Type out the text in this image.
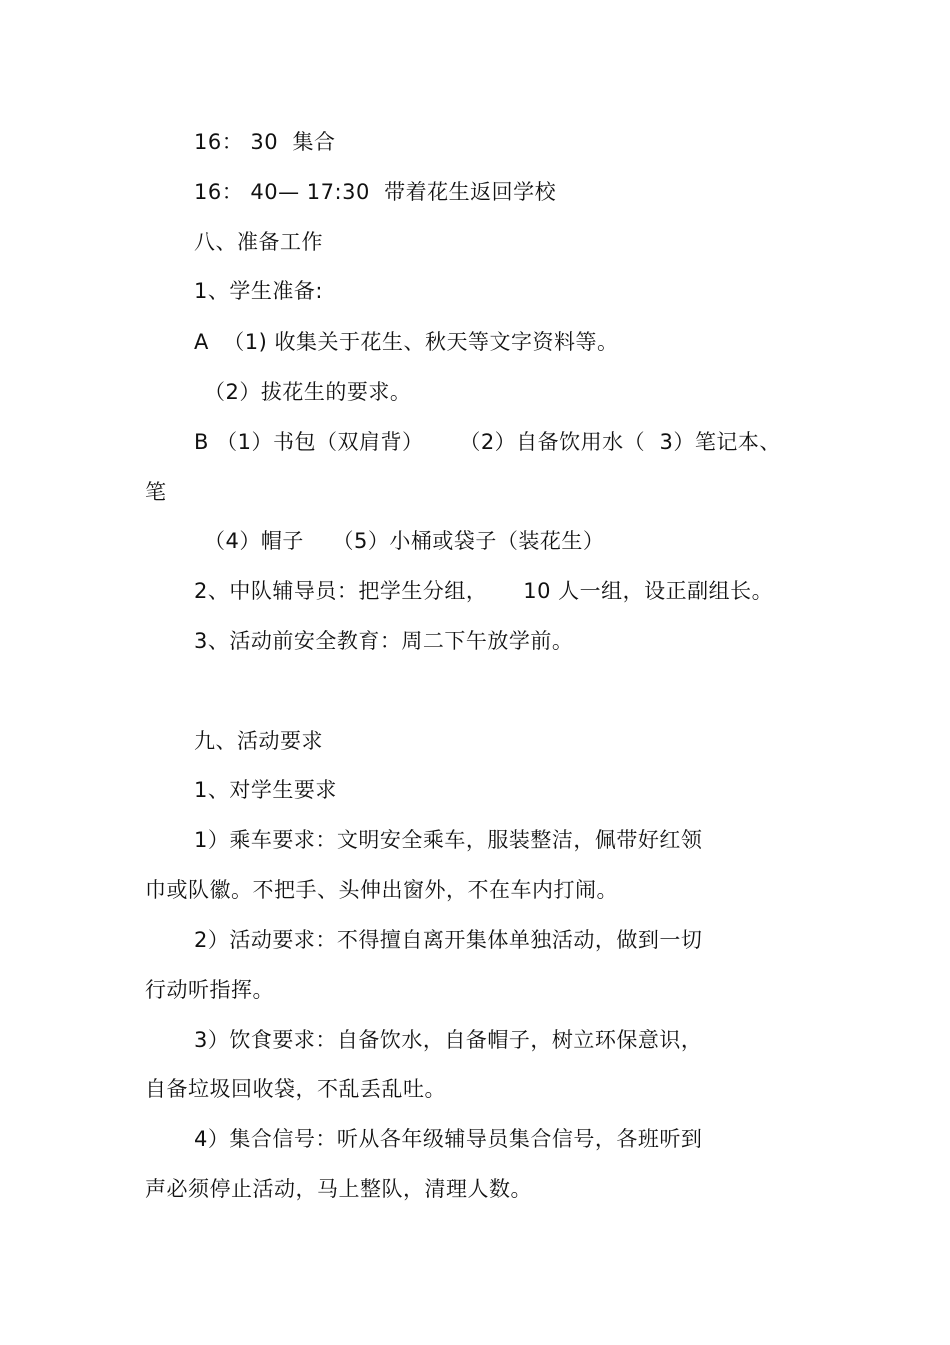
16： 30  集合
16： 40— 17:30  带着花生返回学校
八、准备工作
1、学生准备:
A  （1) 收集关于花生、秋天等文字资料等。
（2）拔花生的要求。
B （1）书包（双肩背）     （2）自备饮用水（  3）笔记本、
笔
（4）帽子    （5）小桶或袋子（装花生）
2、中队辅导员：把学生分组，     10 人一组，设正副组长。
3、活动前安全教育：周二下午放学前。
九、活动要求
1、对学生要求
1）乘车要求：文明安全乘车，服装整洁，佩带好红领
巾或队徽。不把手、头伸出窗外，不在车内打闹。
2）活动要求：不得擅自离开集体单独活动，做到一切
行动听指挥。
3）饮食要求：自备饮水，自备帽子，树立环保意识，
自备垃圾回收袋，不乱丢乱吐。
4）集合信号：听从各年级辅导员集合信号，各班听到
声必须停止活动，马上整队，清理人数。
